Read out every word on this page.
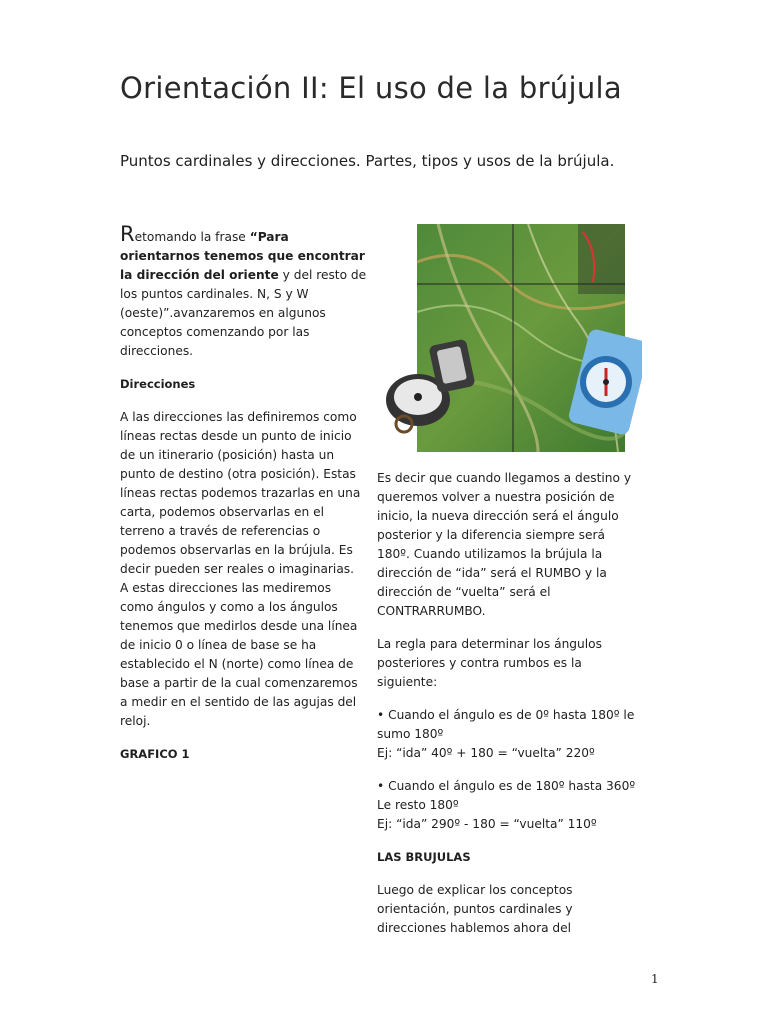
Orientación II: El uso de la brújula

Puntos cardinales y direcciones. Partes, tipos y usos de la brújula.

Retomando la frase “Para orientarnos tenemos que encontrar la dirección del oriente y del resto de los puntos cardinales. N, S y W (oeste)”.avanzaremos en algunos conceptos comenzando por las direcciones.

Direcciones

A las direcciones las definiremos como líneas rectas desde un punto de inicio de un itinerario (posición) hasta un punto de destino (otra posición). Estas líneas rectas podemos trazarlas en una carta, podemos observarlas en el terreno a través de referencias o podemos observarlas en la brújula. Es decir pueden ser reales o imaginarias.

A estas direcciones las mediremos como ángulos y como a los ángulos tenemos que medirlos desde una línea de inicio 0 o línea de base se ha establecido el N (norte) como línea de base a partir de la cual comenzaremos a medir en el sentido de las agujas del reloj.

GRAFICO 1

Es decir que cuando llegamos a destino y queremos volver a nuestra posición de inicio, la nueva dirección será el ángulo posterior y la diferencia siempre será 180º. Cuando utilizamos la brújula la dirección de “ida” será el RUMBO y la dirección de “vuelta” será el CONTRARRUMBO.

La regla para determinar los ángulos posteriores y contra rumbos es la siguiente:

• Cuando el ángulo es de 0º hasta 180º le sumo 180º

Ej: “ida” 40º + 180 = “vuelta” 220º

• Cuando el ángulo es de 180º hasta 360º Le resto 180º

Ej: “ida” 290º - 180 = “vuelta” 110º

LAS BRUJULAS

Luego de explicar los conceptos orientación, puntos cardinales y direcciones hablemos ahora del

1
